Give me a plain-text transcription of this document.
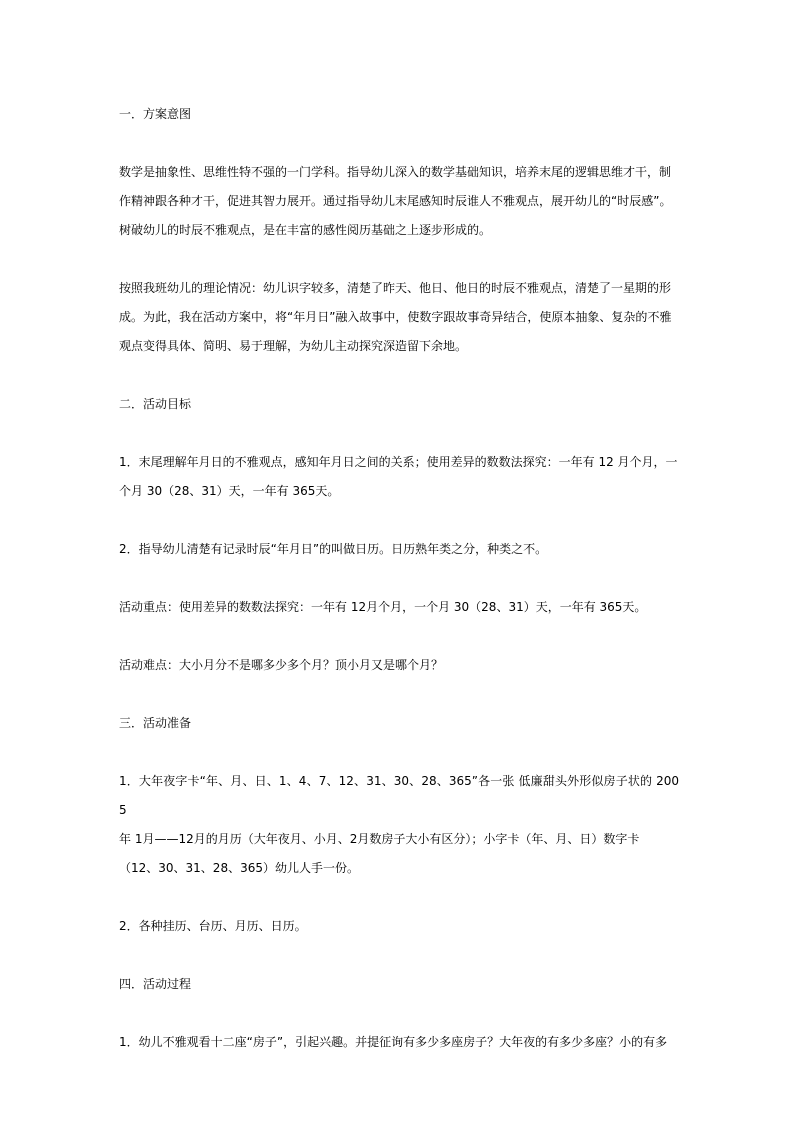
一．方案意图

数学是抽象性、思维性特不强的一门学科。指导幼儿深入的数学基础知识，培养末尾的逻辑思维才干，制

作精神跟各种才干，促进其智力展开。通过指导幼儿末尾感知时辰谁人不雅观点，展开幼儿的“时辰感”。

树破幼儿的时辰不雅观点，是在丰富的感性阅历基础之上逐步形成的。

按照我班幼儿的理论情况：幼儿识字较多，清楚了昨天、他日、他日的时辰不雅观点，清楚了一星期的形

成。为此，我在活动方案中，将“年月日”融入故事中，使数字跟故事奇异结合，使原本抽象、复杂的不雅

观点变得具体、简明、易于理解，为幼儿主动探究深造留下余地。

二．活动目标

1．末尾理解年月日的不雅观点，感知年月日之间的关系；使用差异的数数法探究：一年有 12 月个月，一

个月 30（28、31）天，一年有 365天。

2．指导幼儿清楚有记录时辰“年月日”的叫做日历。日历熟年类之分，种类之不。

活动重点：使用差异的数数法探究：一年有 12月个月，一个月 30（28、31）天，一年有 365天。

活动难点：大小月分不是哪多少多个月？顶小月又是哪个月？

三．活动准备

1．大年夜字卡“年、月、日、1、4、7、12、31、30、28、365”各一张 低廉甜头外形似房子状的 2005

年 1月——12月的月历（大年夜月、小月、2月数房子大小有区分）；小字卡（年、月、日）数字卡

（12、30、31、28、365）幼儿人手一份。

2．各种挂历、台历、月历、日历。

四．活动过程

1．幼儿不雅观看十二座“房子”，引起兴趣。并提征询有多少多座房子？大年夜的有多少多座？小的有多
